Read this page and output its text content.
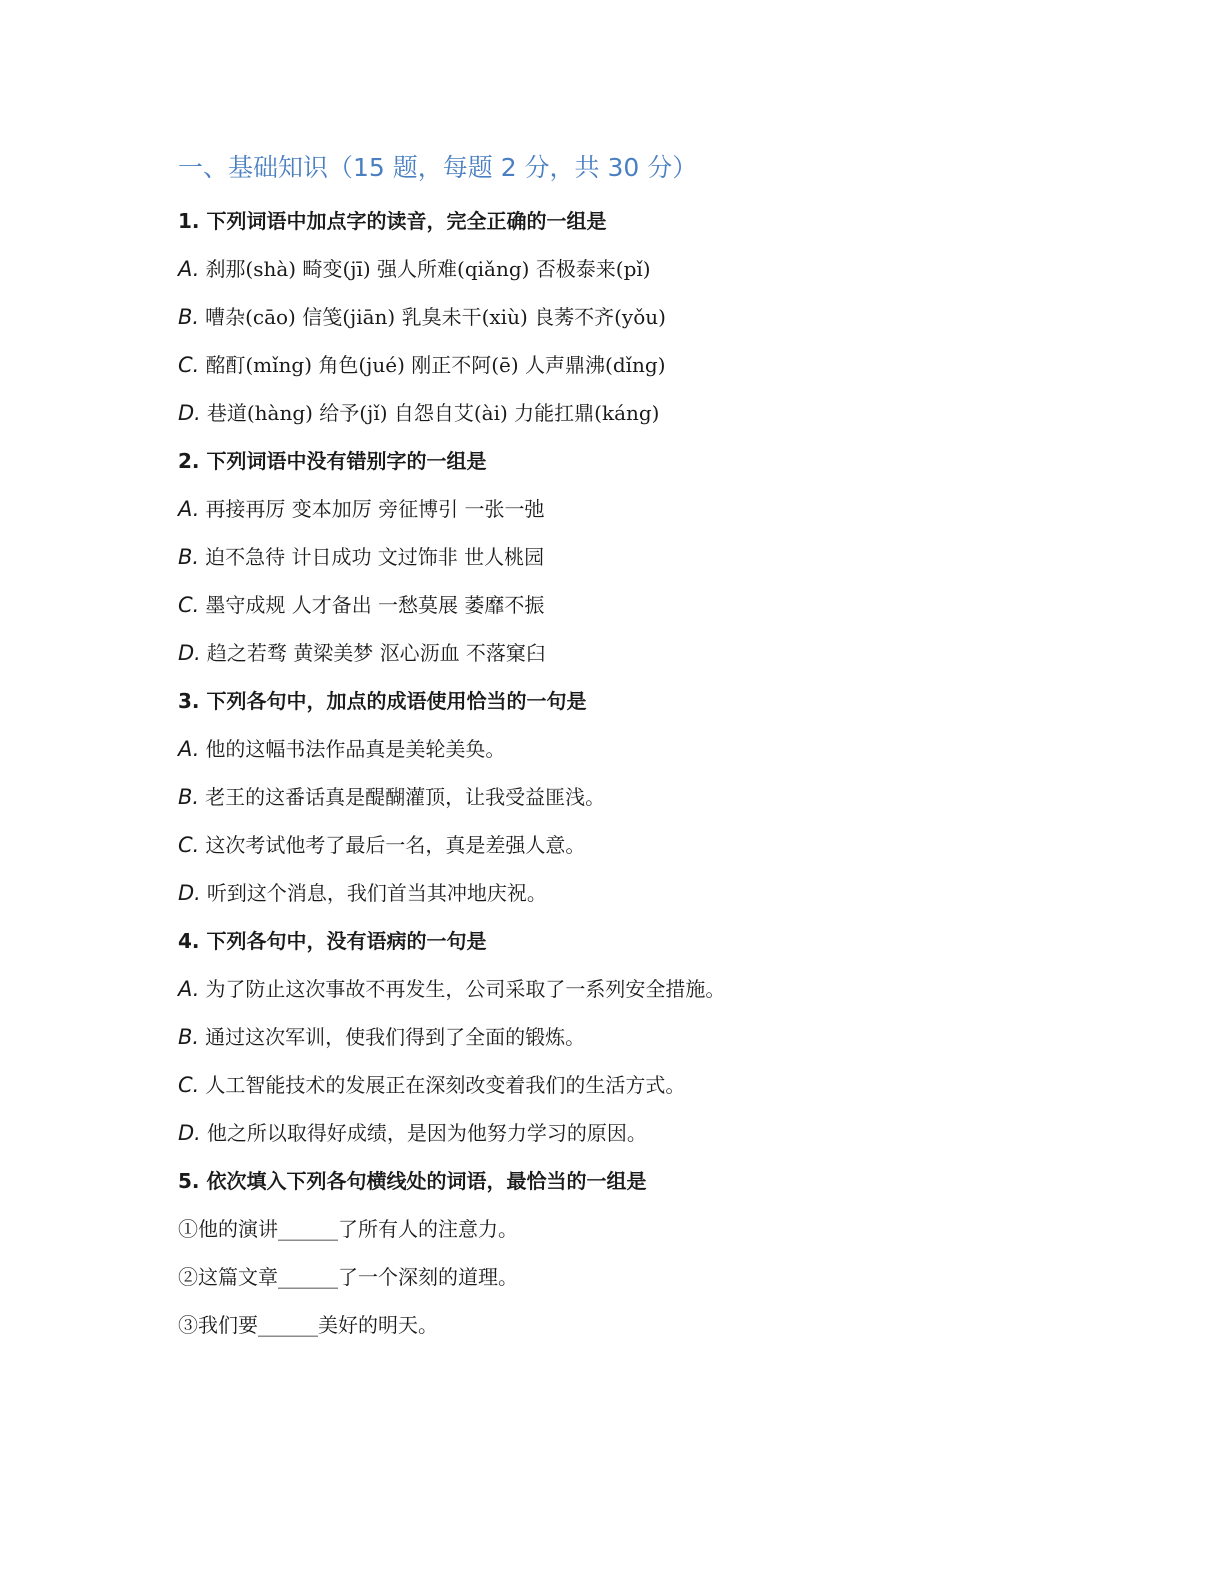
一、基础知识（15 题，每题 2 分，共 30 分）

1. 下列词语中加点字的读音，完全正确的一组是

A. 刹那(shà) 畸变(jī) 强人所难(qiǎng) 否极泰来(pǐ)

B. 嘈杂(cāo) 信笺(jiān) 乳臭未干(xiù) 良莠不齐(yǒu)

C. 酩酊(mǐng) 角色(jué) 刚正不阿(ē) 人声鼎沸(dǐng)

D. 巷道(hàng) 给予(jǐ) 自怨自艾(ài) 力能扛鼎(káng)

2. 下列词语中没有错别字的一组是

A. 再接再厉 变本加厉 旁征博引 一张一弛

B. 迫不急待 计日成功 文过饰非 世人桃园

C. 墨守成规 人才备出 一愁莫展 萎靡不振

D. 趋之若骛 黄梁美梦 沤心沥血 不落窠臼

3. 下列各句中，加点的成语使用恰当的一句是

A. 他的这幅书法作品真是美轮美奂。

B. 老王的这番话真是醍醐灌顶，让我受益匪浅。

C. 这次考试他考了最后一名，真是差强人意。

D. 听到这个消息，我们首当其冲地庆祝。

4. 下列各句中，没有语病的一句是

A. 为了防止这次事故不再发生，公司采取了一系列安全措施。

B. 通过这次军训，使我们得到了全面的锻炼。

C. 人工智能技术的发展正在深刻改变着我们的生活方式。

D. 他之所以取得好成绩，是因为他努力学习的原因。

5. 依次填入下列各句横线处的词语，最恰当的一组是

①他的演讲______了所有人的注意力。

②这篇文章______了一个深刻的道理。

③我们要______美好的明天。
